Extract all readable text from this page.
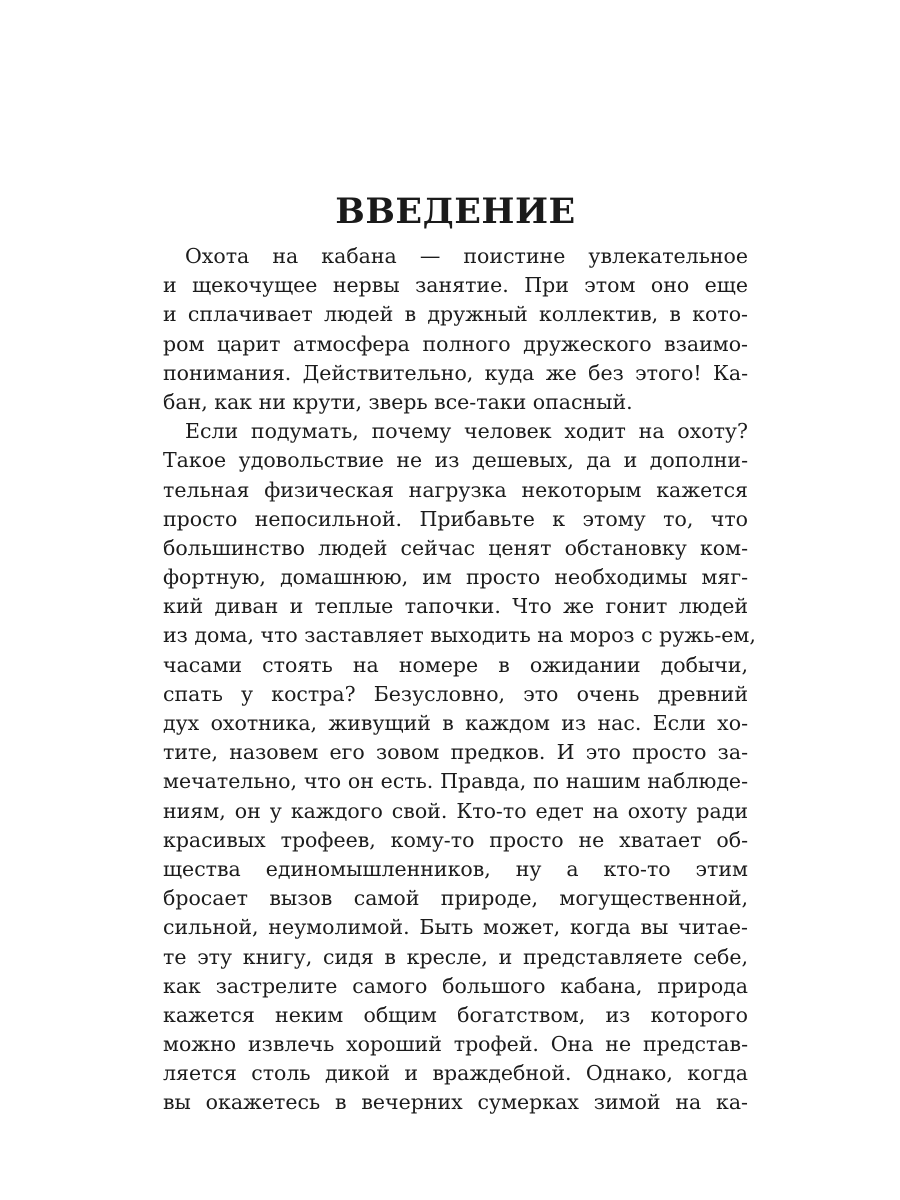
ВВЕДЕНИЕ

Охота на кабана — поистине увлекательное
и щекочущее нервы занятие. При этом оно еще
и сплачивает людей в дружный коллектив, в кото-
ром царит атмосфера полного дружеского взаимо-
понимания. Действительно, куда же без этого! Ка-
бан, как ни крути, зверь все-таки опасный.

Если подумать, почему человек ходит на охоту?
Такое удовольствие не из дешевых, да и дополни-
тельная физическая нагрузка некоторым кажется
просто непосильной. Прибавьте к этому то, что
большинство людей сейчас ценят обстановку ком-
фортную, домашнюю, им просто необходимы мяг-
кий диван и теплые тапочки. Что же гонит людей
из дома, что заставляет выходить на мороз с ружь-ем,
часами стоять на номере в ожидании добычи,
спать у костра? Безусловно, это очень древний
дух охотника, живущий в каждом из нас. Если хо-
тите, назовем его зовом предков. И это просто за-
мечательно, что он есть. Правда, по нашим наблюде-
ниям, он у каждого свой. Кто-то едет на охоту ради
красивых трофеев, кому-то просто не хватает об-
щества единомышленников, ну а кто-то этим
бросает вызов самой природе, могущественной,
сильной, неумолимой. Быть может, когда вы читае-
те эту книгу, сидя в кресле, и представляете себе,
как застрелите самого большого кабана, природа
кажется неким общим богатством, из которого
можно извлечь хороший трофей. Она не представ-
ляется столь дикой и враждебной. Однако, когда
вы окажетесь в вечерних сумерках зимой на ка-
